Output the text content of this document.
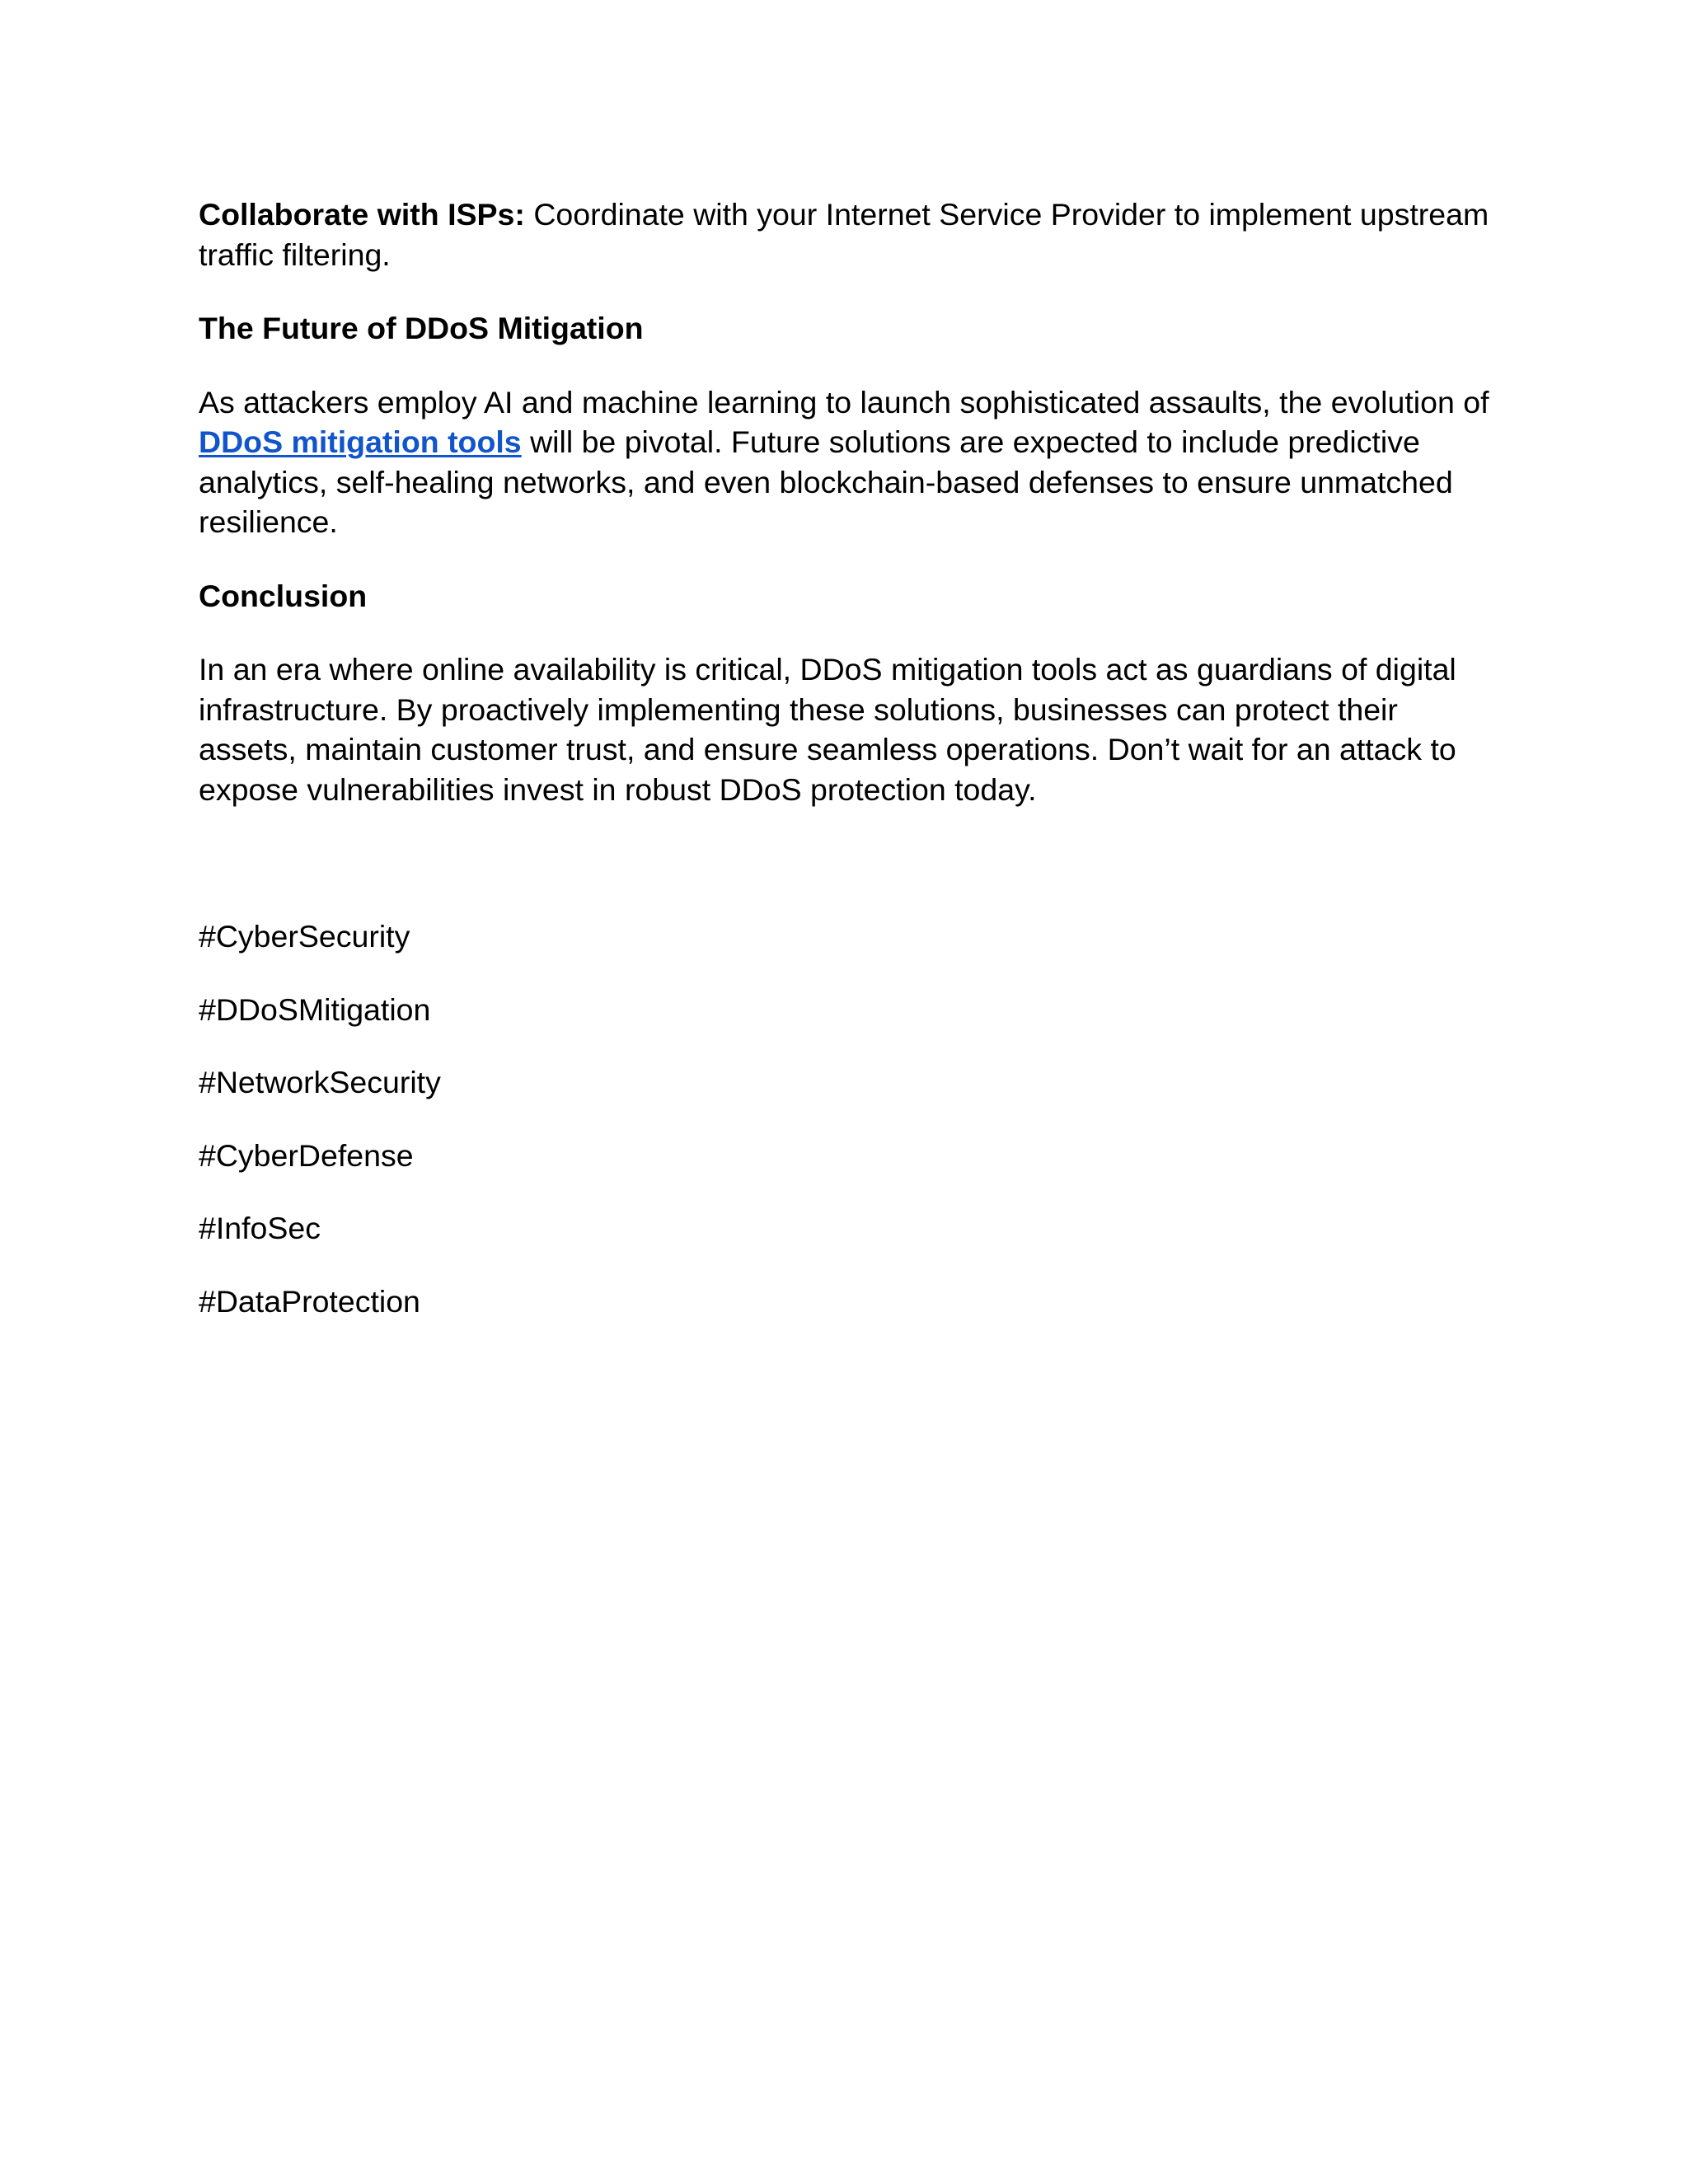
Collaborate with ISPs: Coordinate with your Internet Service Provider to implement upstream traffic filtering.

The Future of DDoS Mitigation

As attackers employ AI and machine learning to launch sophisticated assaults, the evolution of DDoS mitigation tools will be pivotal. Future solutions are expected to include predictive analytics, self-healing networks, and even blockchain-based defenses to ensure unmatched resilience.

Conclusion

In an era where online availability is critical, DDoS mitigation tools act as guardians of digital infrastructure. By proactively implementing these solutions, businesses can protect their assets, maintain customer trust, and ensure seamless operations. Don’t wait for an attack to expose vulnerabilities invest in robust DDoS protection today.

#CyberSecurity

#DDoSMitigation

#NetworkSecurity

#CyberDefense

#InfoSec

#DataProtection
